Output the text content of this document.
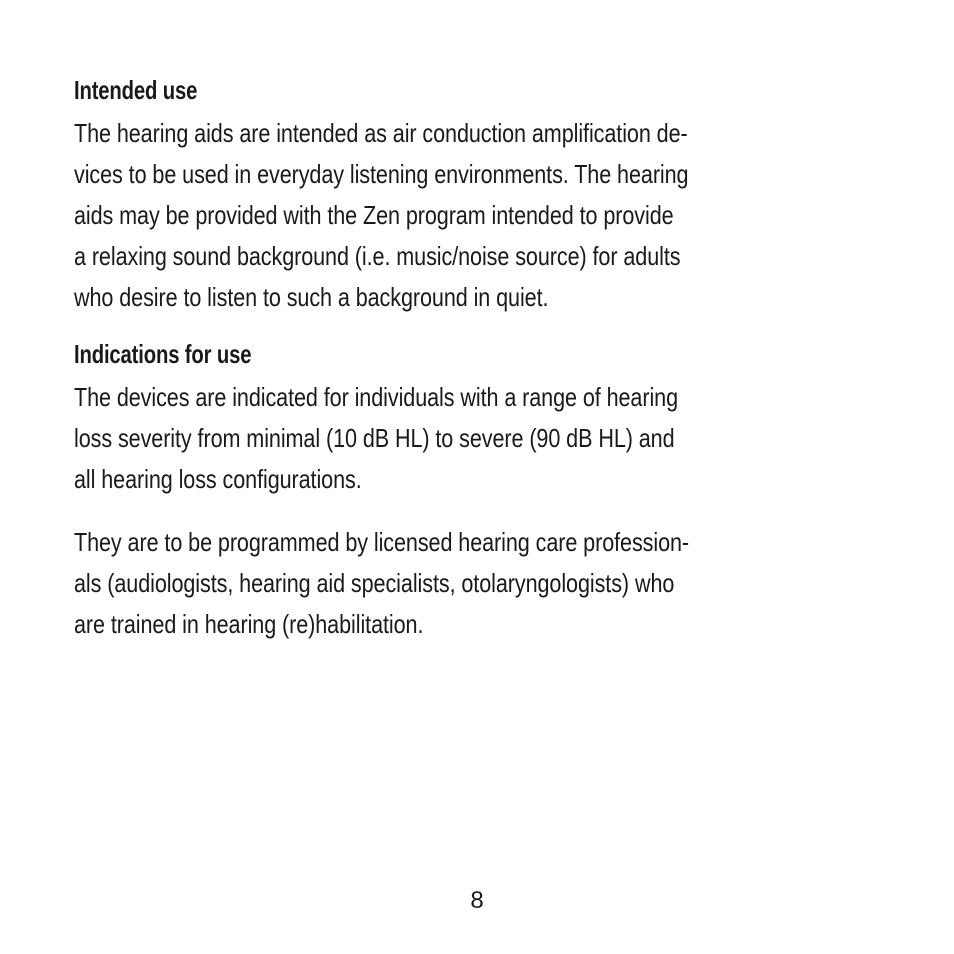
Intended use
The hearing aids are intended as air conduction amplification de-
vices to be used in everyday listening environments. The hearing
aids may be provided with the Zen program intended to provide
a relaxing sound background (i.e. music/noise source) for adults
who desire to listen to such a background in quiet.
Indications for use
The devices are indicated for individuals with a range of hearing
loss severity from minimal (10 dB HL) to severe (90 dB HL) and
all hearing loss configurations.
They are to be programmed by licensed hearing care profession-
als (audiologists, hearing aid specialists, otolaryngologists) who
are trained in hearing (re)habilitation.
8
